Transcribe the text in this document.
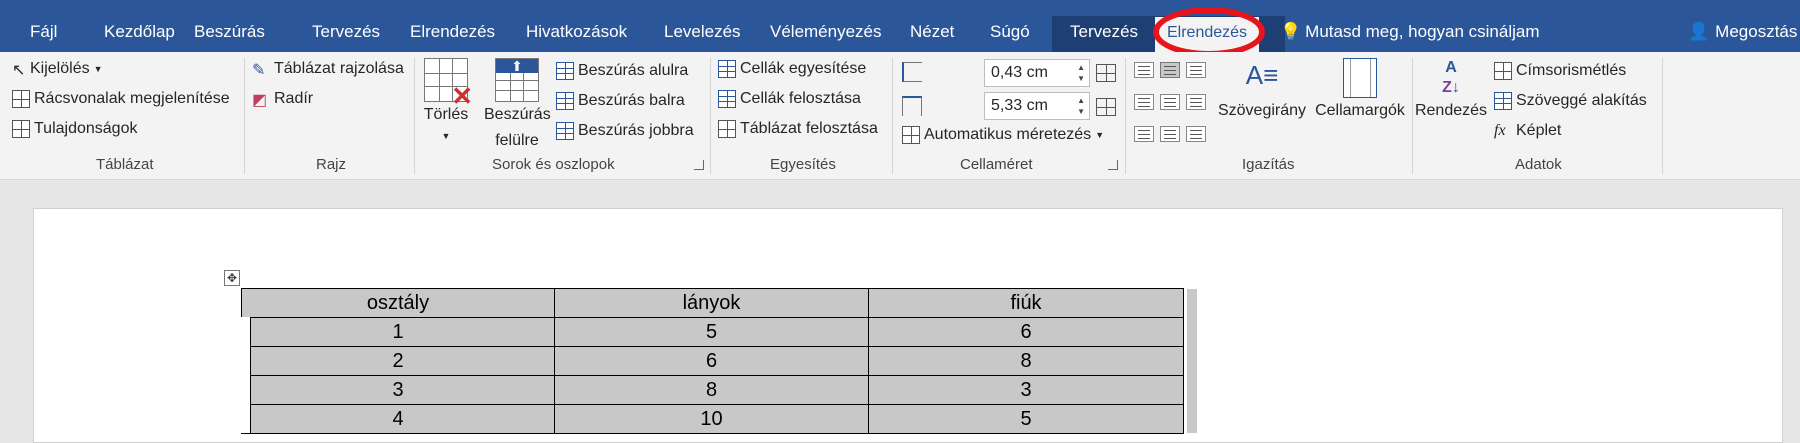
Fájl	Kezdőlap Beszúrás	Tervezés Elrendezés Hivatkozások Levelezés Véleményezés Nézet Súgó Tervezés	Elrendezés	💡 Mutasd meg, hogyan csináljam	👤 Megosztás
↖ Kijelölés ▼
Rácsvonalak megjelenítése
Tulajdonságok
Táblázat
✎ Táblázat rajzolása
◩ Radír
Rajz
✕
Törlés
▼
⬆
Beszúrás
felülre
Beszúrás alulra
Beszúrás balra
Beszúrás jobbra
Sorok és oszlopok
Cellák egyesítése
Cellák felosztása
Táblázat felosztása
Egyesítés
0,43 cm	▲
▼
5,33 cm	▲
▼
Automatikus méretezés ▼
Cellaméret
A≡
Szövegirány Cellamargók
Igazítás
A
Z↓
Rendezés
Címsorismétlés
Szöveggé alakítás
fx Képlet
Adatok
✥
osztály	lányok	fiúk
1	5	6
2	6	8
3	8	3
4	10	5
